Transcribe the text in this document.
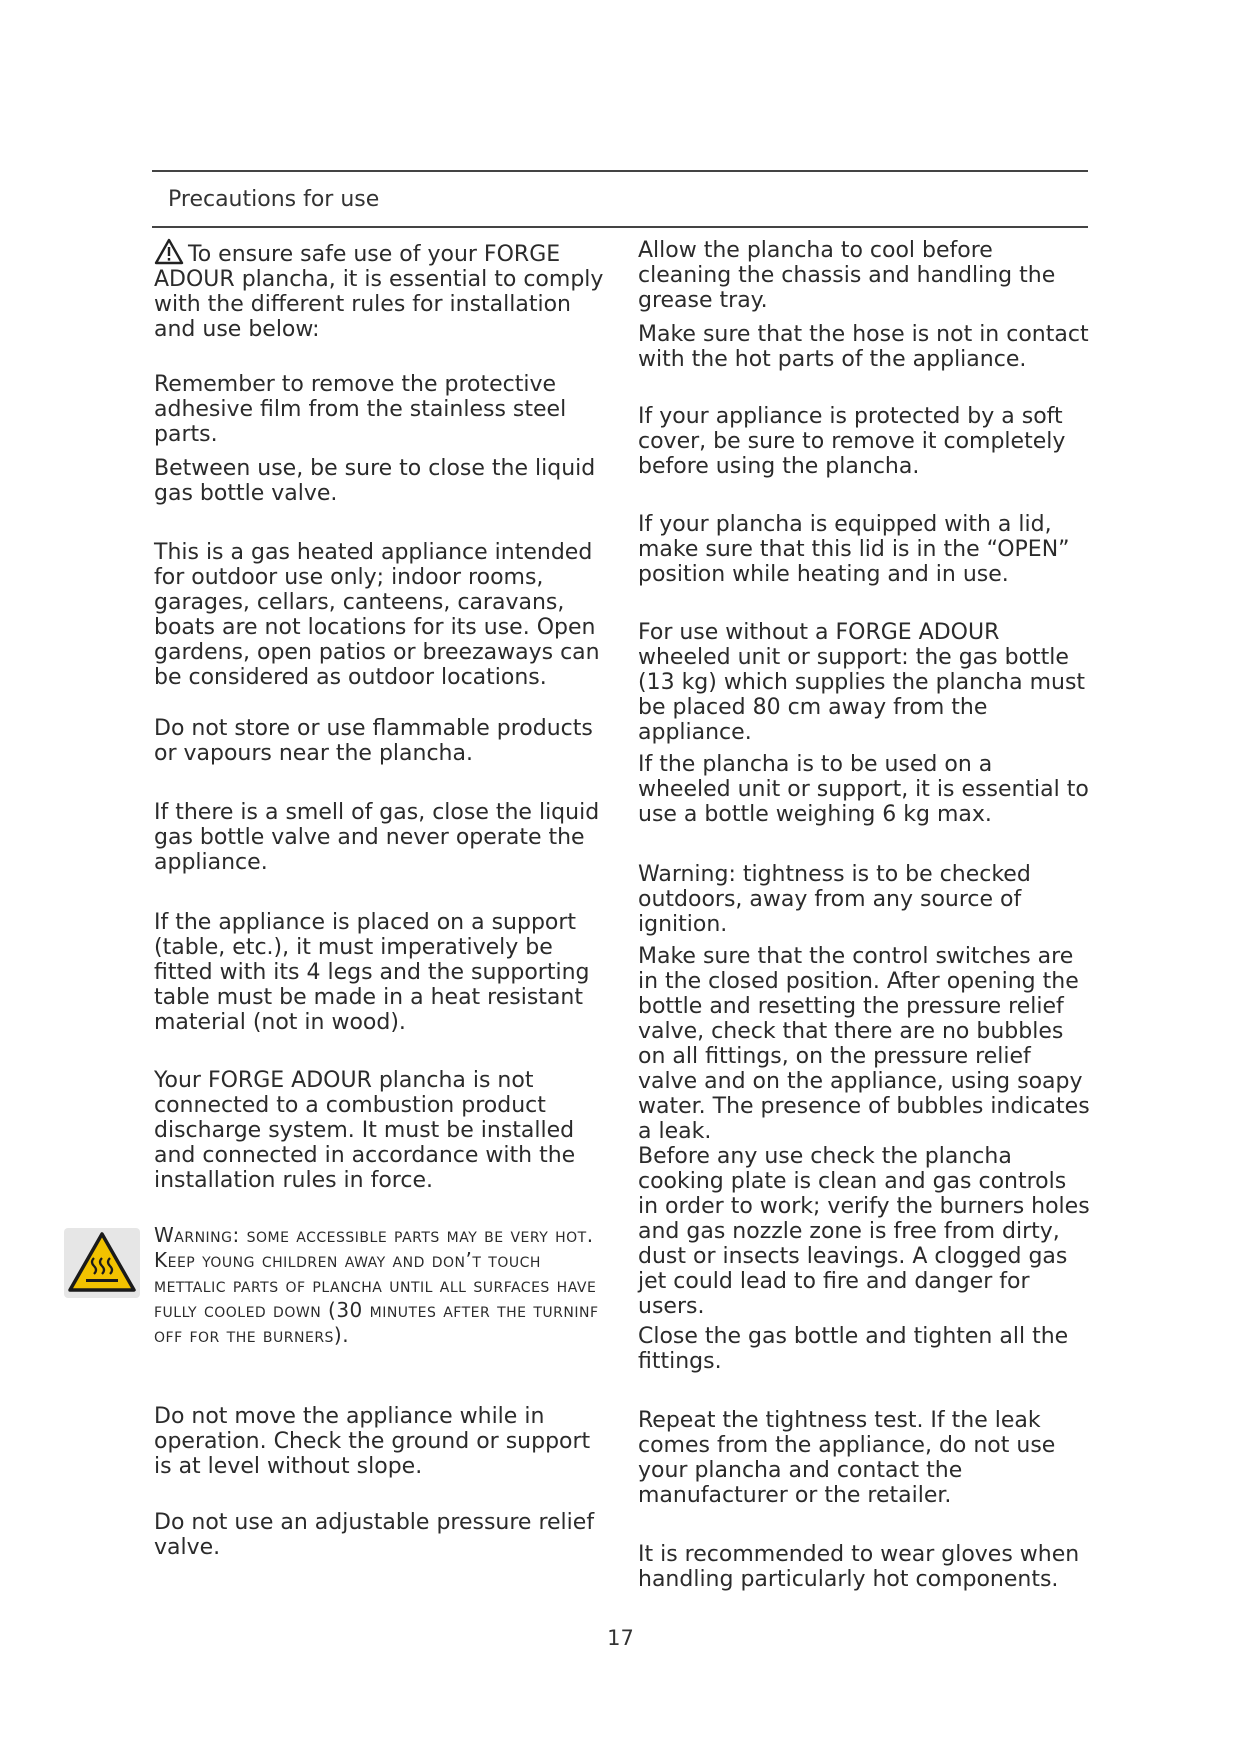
Precautions for use

To ensure safe use of your FORGE ADOUR plancha, it is essential to comply with the different rules for installation and use below:

Remember to remove the protective adhesive film from the stainless steel parts.

Between use, be sure to close the liquid gas bottle valve.

This is a gas heated appliance intended for outdoor use only; indoor rooms, garages, cellars, canteens, caravans, boats are not locations for its use. Open gardens, open patios or breezaways can be considered as outdoor locations.

Do not store or use flammable products or vapours near the plancha.

If there is a smell of gas, close the liquid gas bottle valve and never operate the appliance.

If the appliance is placed on a support (table, etc.), it must imperatively be fitted with its 4 legs and the supporting table must be made in a heat resistant material (not in wood).

Your FORGE ADOUR plancha is not connected to a combustion product discharge system. It must be installed and connected in accordance with the installation rules in force.

Warning: some accessible parts may be very hot. Keep young children away and don’t touch mettalic parts of plancha until all surfaces have fully cooled down (30 minutes after the turninf off for the burners).

Do not move the appliance while in operation. Check the ground or support is at level without slope.

Do not use an adjustable pressure relief valve.

Allow the plancha to cool before cleaning the chassis and handling the grease tray.

Make sure that the hose is not in contact with the hot parts of the appliance.

If your appliance is protected by a soft cover, be sure to remove it completely before using the plancha.

If your plancha is equipped with a lid, make sure that this lid is in the “OPEN” position while heating and in use.

For use without a FORGE ADOUR wheeled unit or support: the gas bottle (13 kg) which supplies the plancha must be placed 80 cm away from the appliance.

If the plancha is to be used on a wheeled unit or support, it is essential to use a bottle weighing 6 kg max.

Warning: tightness is to be checked outdoors, away from any source of ignition.

Make sure that the control switches are in the closed position. After opening the bottle and resetting the pressure relief valve, check that there are no bubbles on all fittings, on the pressure relief valve and on the appliance, using soapy water. The presence of bubbles indicates a leak.

Before any use check the plancha cooking plate is clean and gas controls in order to work; verify the burners holes and gas nozzle zone is free from dirty, dust or insects leavings. A clogged gas jet could lead to fire and danger for users.

Close the gas bottle and tighten all the fittings.

Repeat the tightness test. If the leak comes from the appliance, do not use your plancha and contact the manufacturer or the retailer.

It is recommended to wear gloves when handling particularly hot components.

17
